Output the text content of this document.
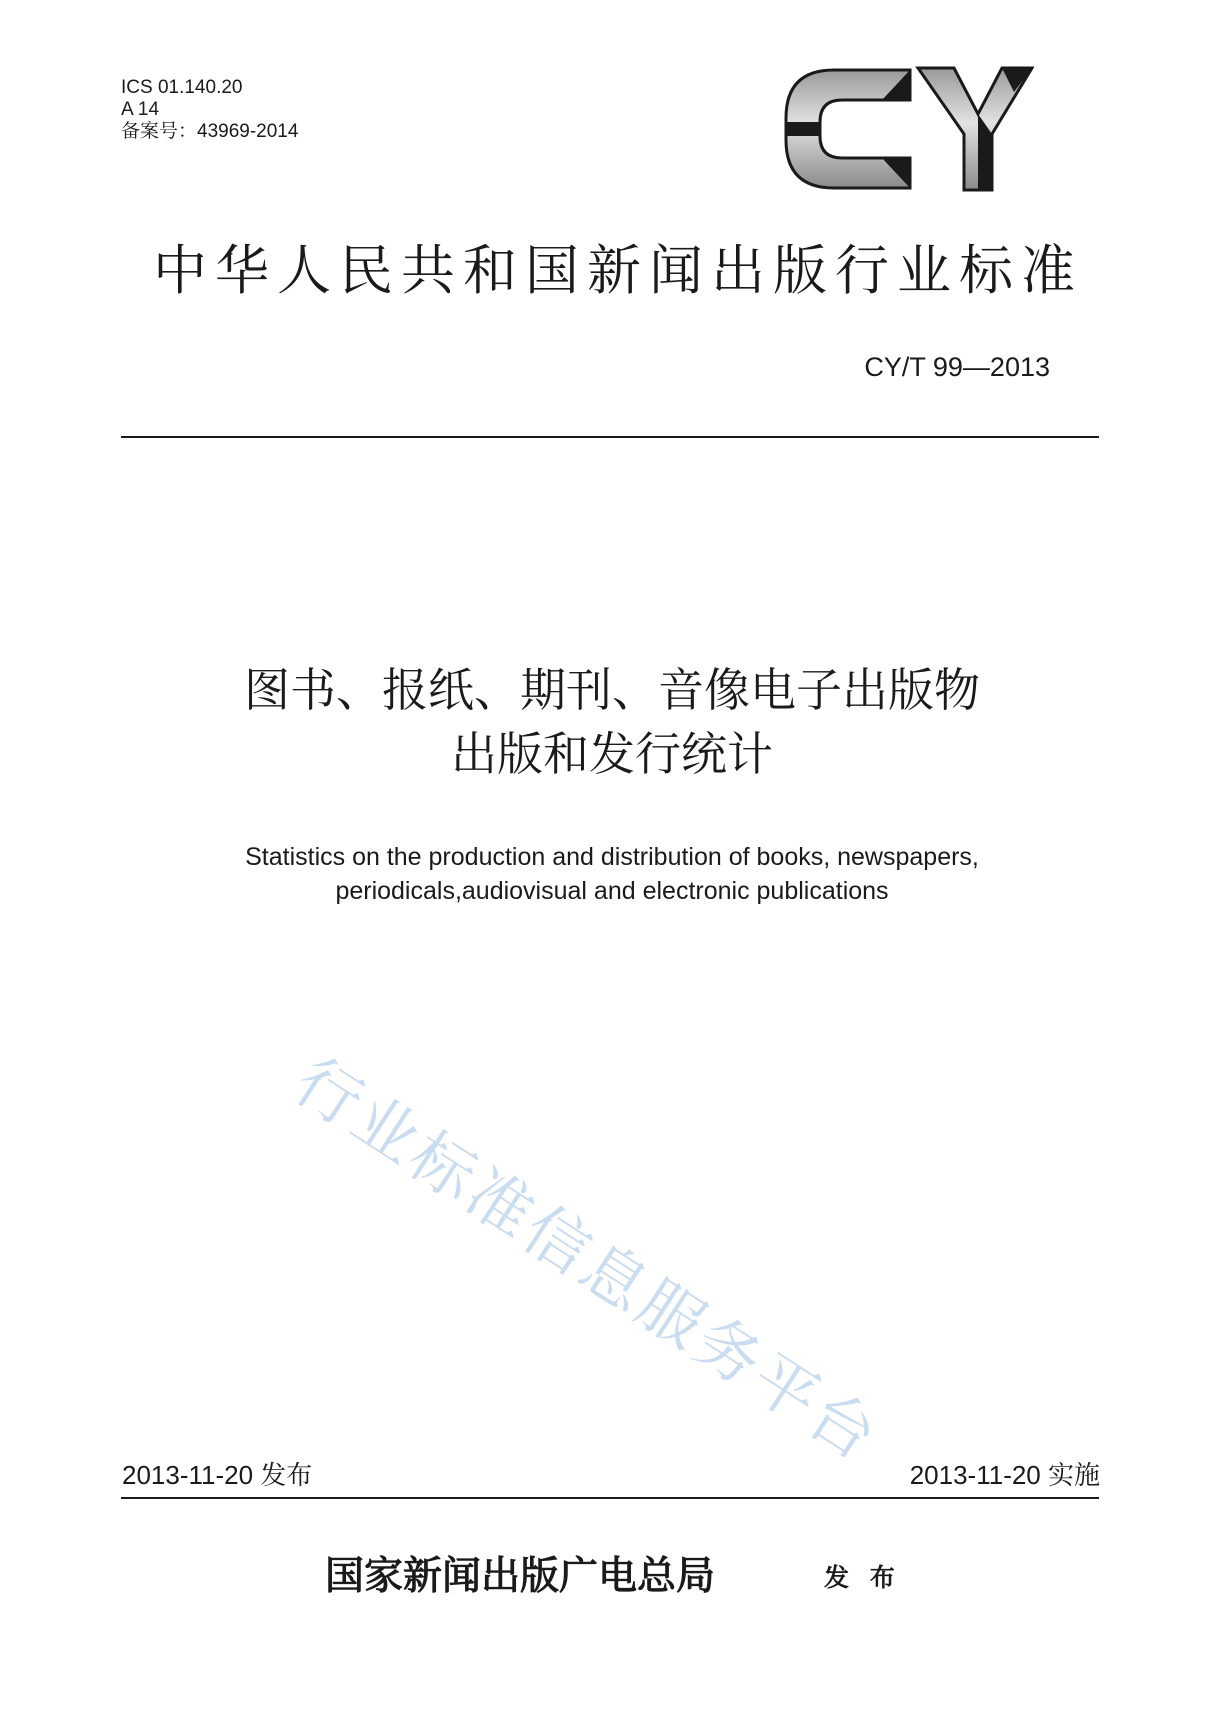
ICS 01.140.20
A 14
备案号：43969-2014
中华人民共和国新闻出版行业标准
CY/T 99—2013
图书、报纸、期刊、音像电子出版物
出版和发行统计
Statistics on the production and distribution of books, newspapers,
periodicals,audiovisual and electronic publications
行业标准信息服务平台
2013-11-20 发布	2013-11-20 实施
国家新闻出版广电总局	发 布
